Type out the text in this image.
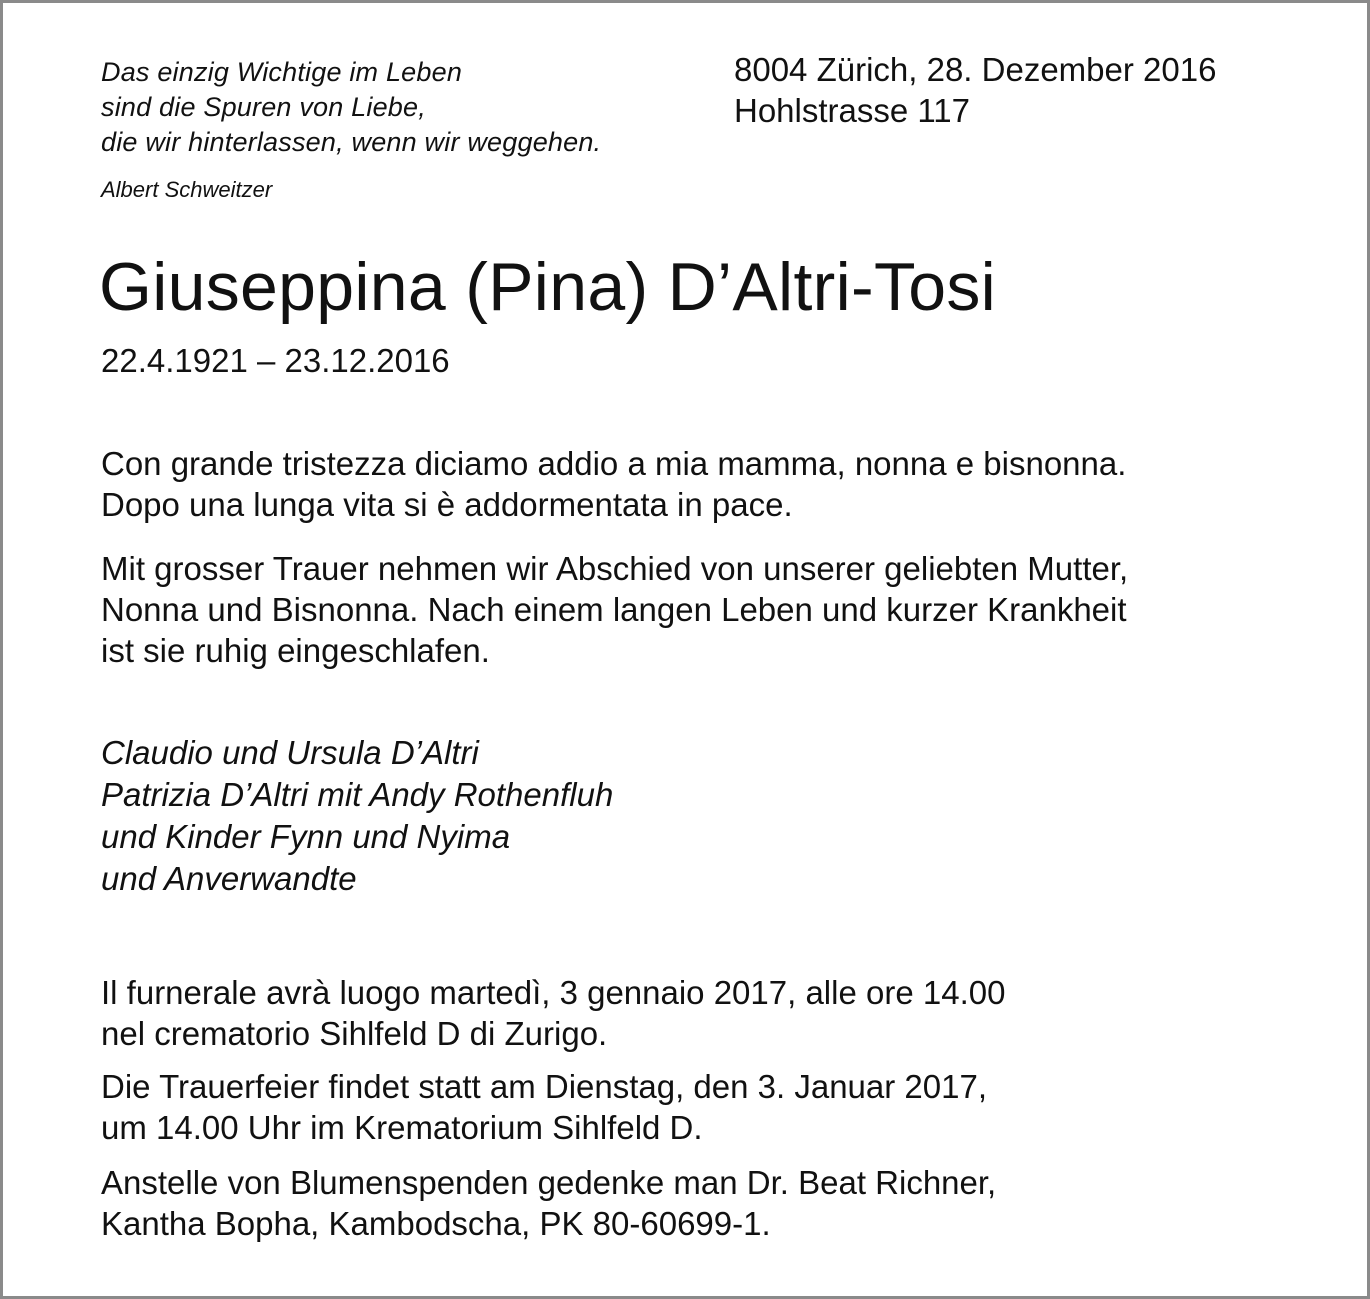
Das einzig Wichtige im Leben
sind die Spuren von Liebe,
die wir hinterlassen, wenn wir weggehen.
Albert Schweitzer
8004 Zürich, 28. Dezember 2016
Hohlstrasse 117
Giuseppina (Pina) D’Altri-Tosi
22.4.1921 – 23.12.2016
Con grande tristezza diciamo addio a mia mamma, nonna e bisnonna.
Dopo una lunga vita si è addormentata in pace.
Mit grosser Trauer nehmen wir Abschied von unserer geliebten Mutter,
Nonna und Bisnonna. Nach einem langen Leben und kurzer Krankheit
ist sie ruhig eingeschlafen.
Claudio und Ursula D’Altri
Patrizia D’Altri mit Andy Rothenfluh
und Kinder Fynn und Nyima
und Anverwandte
Il furnerale avrà luogo martedì, 3 gennaio 2017, alle ore 14.00
nel crematorio Sihlfeld D di Zurigo.
Die Trauerfeier findet statt am Dienstag, den 3. Januar 2017,
um 14.00 Uhr im Krematorium Sihlfeld D.
Anstelle von Blumenspenden gedenke man Dr. Beat Richner,
Kantha Bopha, Kambodscha, PK 80-60699-1.
